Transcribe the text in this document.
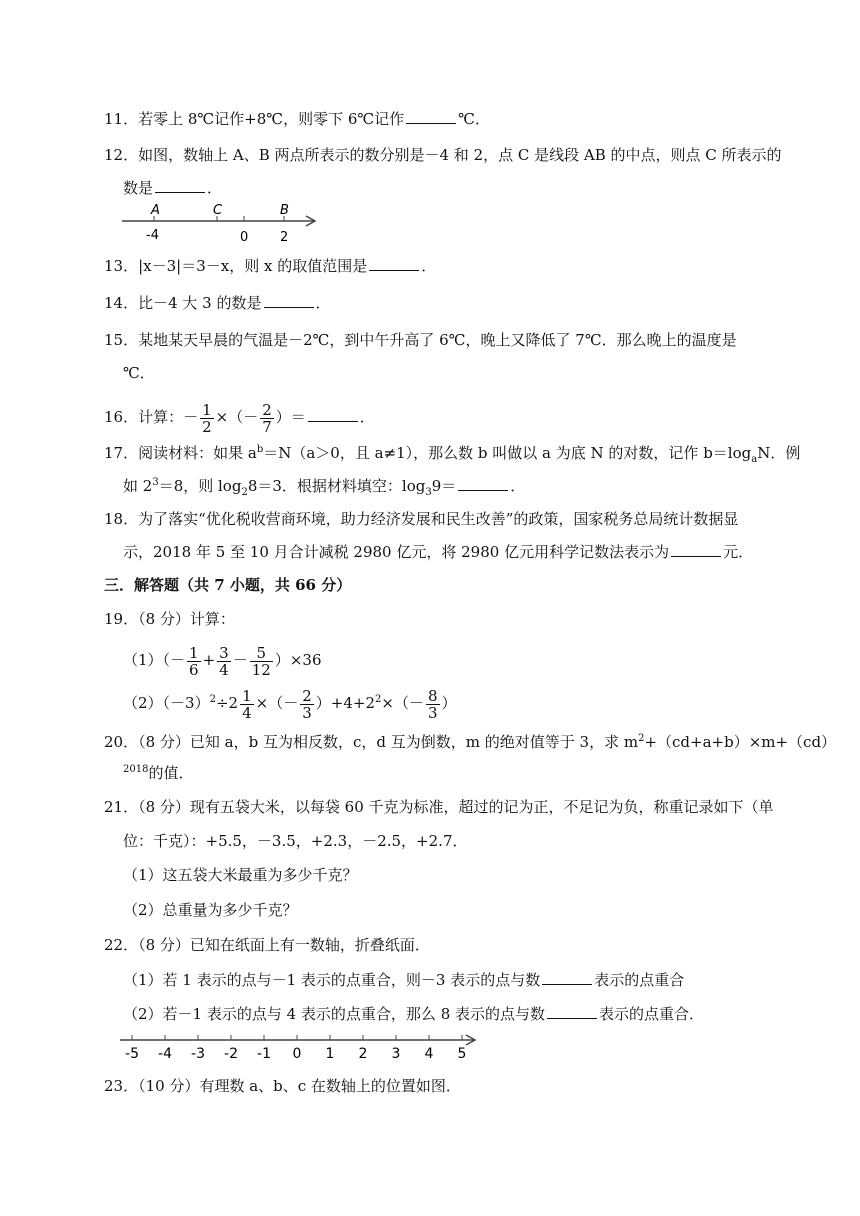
11．若零上 8℃记作+8℃，则零下 6℃记作	℃．
12．如图，数轴上 A、B 两点所表示的数分别是－4 和 2，点 C 是线段 AB 的中点，则点 C 所表示的
数是	．
A	C	B
-4	0 2
13．|x－3|＝3－x，则 x 的取值范围是	．
14．比－4 大 3 的数是	．
15．某地某天早晨的气温是－2℃，到中午升高了 6℃，晚上又降低了 7℃．那么晚上的温度是
℃．
16．计算：－ $\frac{1}{2}$ ×（－ $\frac{2}{7}$ ）＝	．
17．阅读材料：如果 $a^b=N(a>0$，且 a≠1），那么数 b 叫做以 a 为底 N 的对数，记作 $b=\log_aN$．例
如 $2^3=8$，则 $\log_28=3$．根据材料填空：$\log_39=$	．
18．为了落实“优化税收营商环境，助力经济发展和民生改善”的政策，国家税务总局统计数据显
示，2018 年 5 至 10 月合计减税 2980 亿元，将 2980 亿元用科学记数法表示为	元．
三．解答题（共 7 小题，共 66 分）
19．（8 分）计算：
$(1)(- \frac{1}{6} + \frac{3}{4} - \frac{5}{12} )\times 36$
$(2)(-3)^2\div 2 \frac{1}{4}$ ×（－ $\frac{2}{3} )+4+2^2\times(- \frac{8}{3}$ ）
20．（8 分）已知 a，b 互为相反数，c，d 互为倒数，m 的绝对值等于 3，求 $m^2+(cd+a+b)\times m+(cd)$
$^{2018}$的值．
21．（8 分）现有五袋大米，以每袋 60 千克为标准，超过的记为正，不足记为负，称重记录如下（单
位：千克）：+5.5，－3.5，+2.3，－2.5，+2.7．
（1）这五袋大米最重为多少千克？
（2）总重量为多少千克？
22．（8 分）已知在纸面上有一数轴，折叠纸面．
（1）若 1 表示的点与－1 表示的点重合，则－3 表示的点与数	表示的点重合
（2）若－1 表示的点与 4 表示的点重合，那么 8 表示的点与数	表示的点重合．
-5 -4 -3 -2 -1 0 1 2 3 4 5
23．（10 分）有理数 a、b、c 在数轴上的位置如图．
